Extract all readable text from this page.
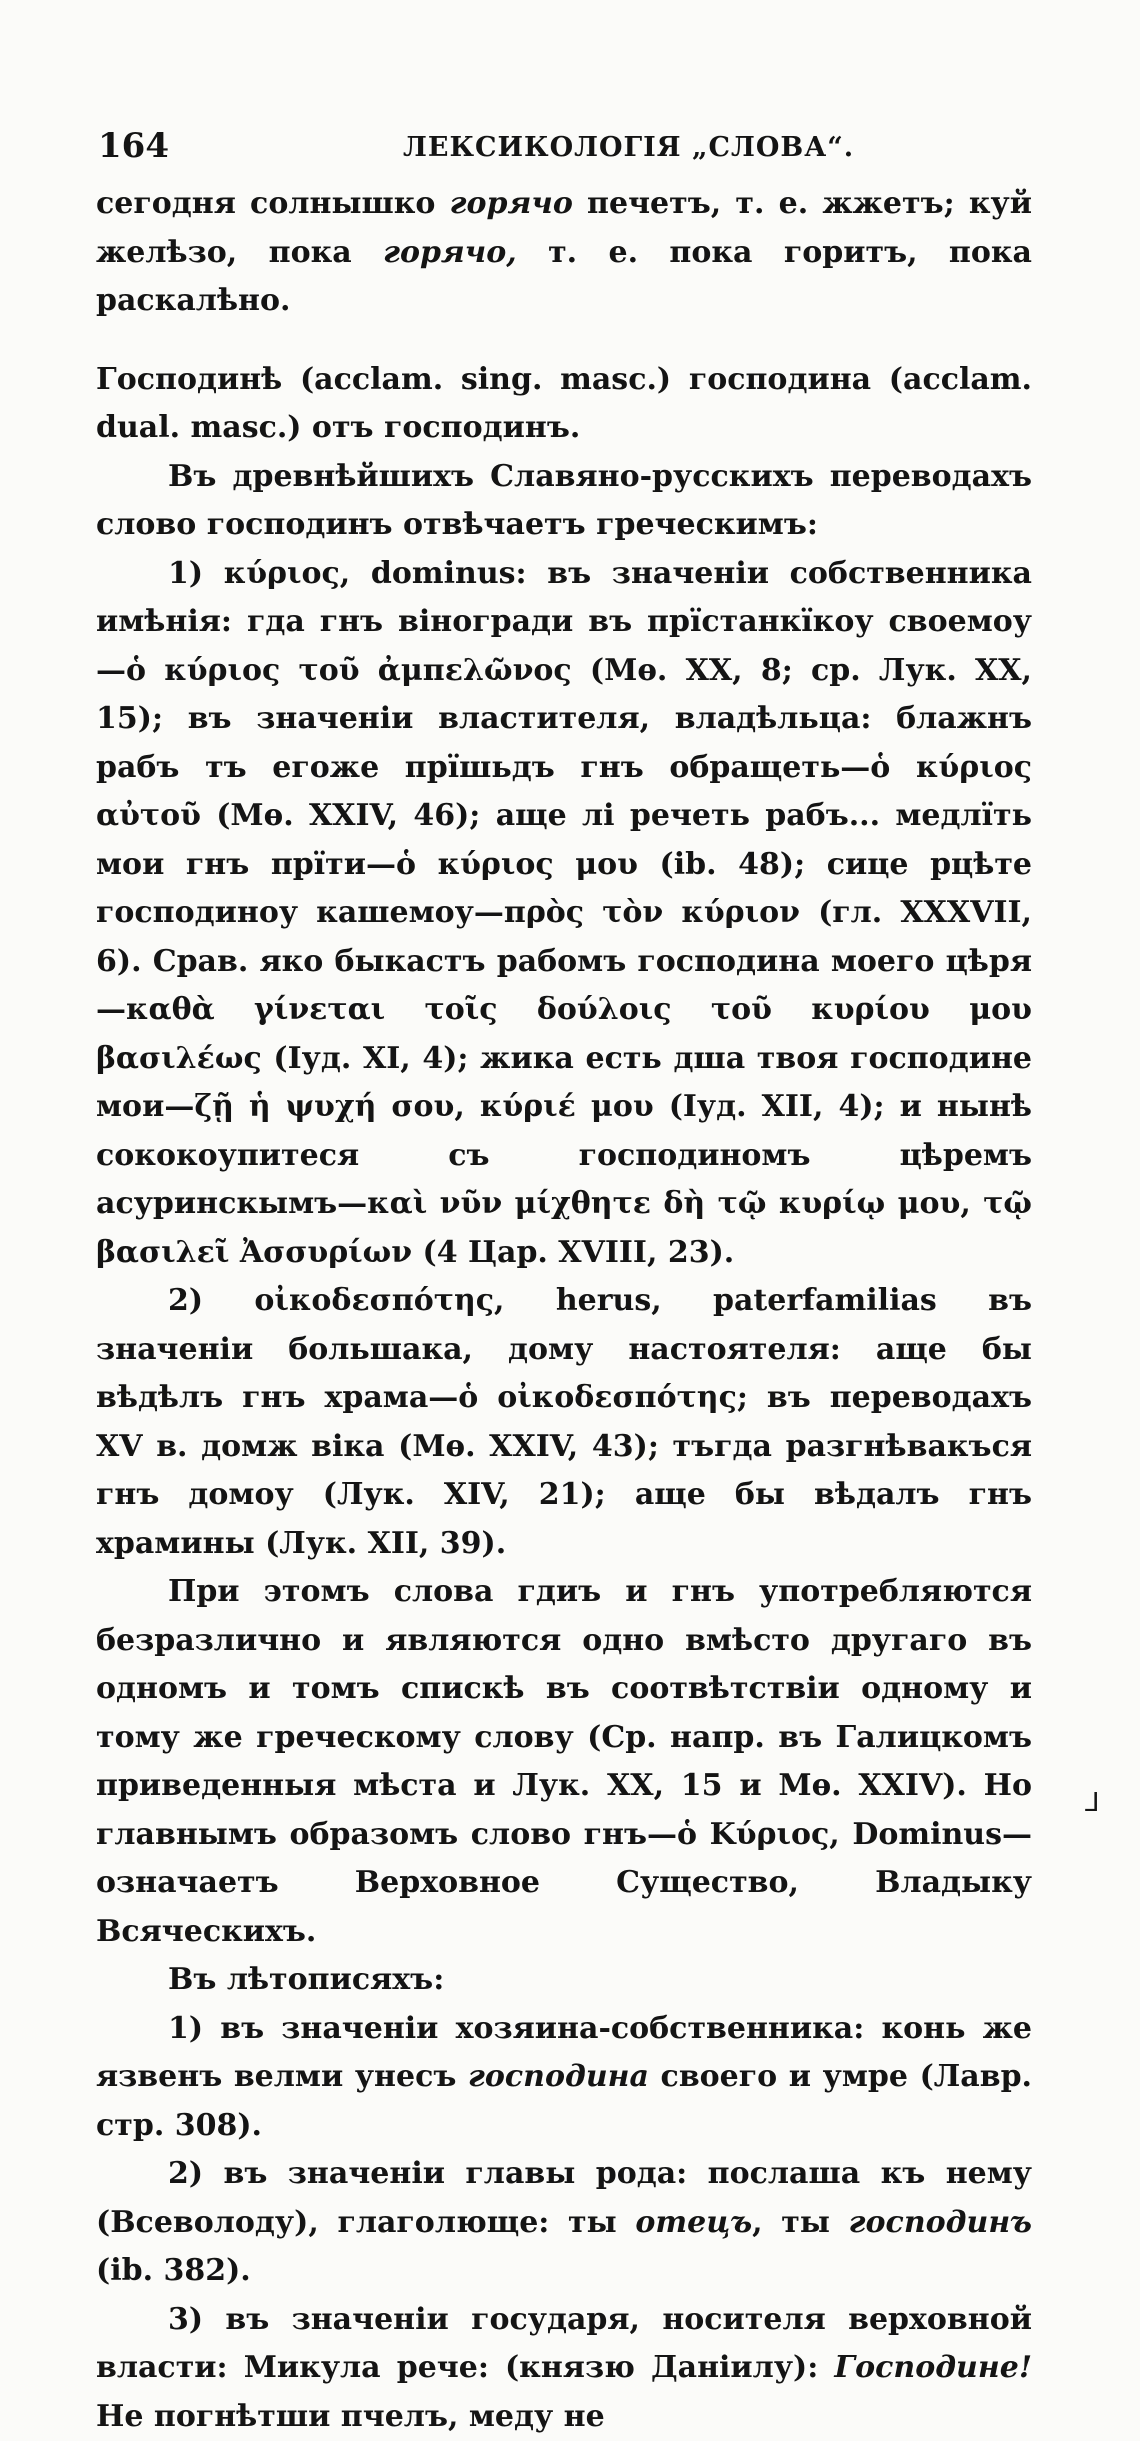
164	ЛЕКСИКОЛОГІЯ „СЛОВА“.

сегодня солнышко горячо печетъ, т. е. жжетъ; куй желѣзо, пока горячо, т. е. пока горитъ, пока раскалѣно.

Господинѣ (acclam. sing. masc.) господина (acclam. dual. masc.) отъ господинъ.

Въ древнѣйшихъ Славяно-русскихъ переводахъ слово господинъ отвѣчаетъ греческимъ:

1) κύριος, dominus: въ значеніи собственника имѣнія: гда гнъ віногради въ прїстанкїкоу своемоу—ὁ κύριος τοῦ ἀμπελῶνος (Мѳ. XX, 8; ср. Лук. XX, 15); въ значеніи властителя, владѣльца: блажнъ рабъ тъ егоже прїшьдъ гнъ обращеть—ὁ κύριος αὐτοῦ (Мѳ. XXIV, 46); аще лі речеть рабъ... медлїть мои гнъ прїти—ὁ κύριος μου (ib. 48); сице рцѣте господиноу кашемоу—πρὸς τὸν κύριον (гл. XXXVII, 6). Срав. яко быкастъ рабомъ господина моего цѣря—καθὰ γίνεται τοῖς δούλοις τοῦ κυρίου μου βασιλέως (Іуд. XI, 4); жика есть дша твоя господине мои—ζῇ ἡ ψυχή σου, κύριέ μου (Іуд. XII, 4); и нынѣ сококоупитеся съ господиномъ цѣремъ асуринскымъ—καὶ νῦν μίχθητε δὴ τῷ κυρίῳ μου, τῷ βασιλεῖ Ἀσσυρίων (4 Цар. XVIII, 23).

2) οἰκοδεσπότης, herus, paterfamilias въ значеніи большака, дому настоятеля: аще бы вѣдѣлъ гнъ храма—ὁ οἰκοδεσπότης; въ переводахъ XV в. домж віка (Мѳ. XXIV, 43); тъгда разгнѣвакъся гнъ домоу (Лук. XIV, 21); аще бы вѣдалъ гнъ храмины (Лук. XII, 39).

При этомъ слова гдиъ и гнъ употребляются безразлично и являются одно вмѣсто другаго въ одномъ и томъ спискѣ въ соотвѣтствіи одному и тому же греческому слову (Ср. напр. въ Галицкомъ приведенныя мѣста и Лук. XX, 15 и Мѳ. XXIV). Но главнымъ образомъ слово гнъ—ὁ Κύριος, Dominus—означаетъ Верховное Существо, Владыку Всяческихъ.

Въ лѣтописяхъ:

1) въ значеніи хозяина-собственника: конь же язвенъ велми унесъ господина своего и умре (Лавр. стр. 308).

2) въ значеніи главы рода: послаша къ нему (Всеволоду), глаголюще: ты отецъ, ты господинъ (ib. 382).

3) въ значеніи государя, носителя верховной власти: Микула рече: (князю Даніилу): Господине! Не погнѣтши пчелъ, меду не

⅃
